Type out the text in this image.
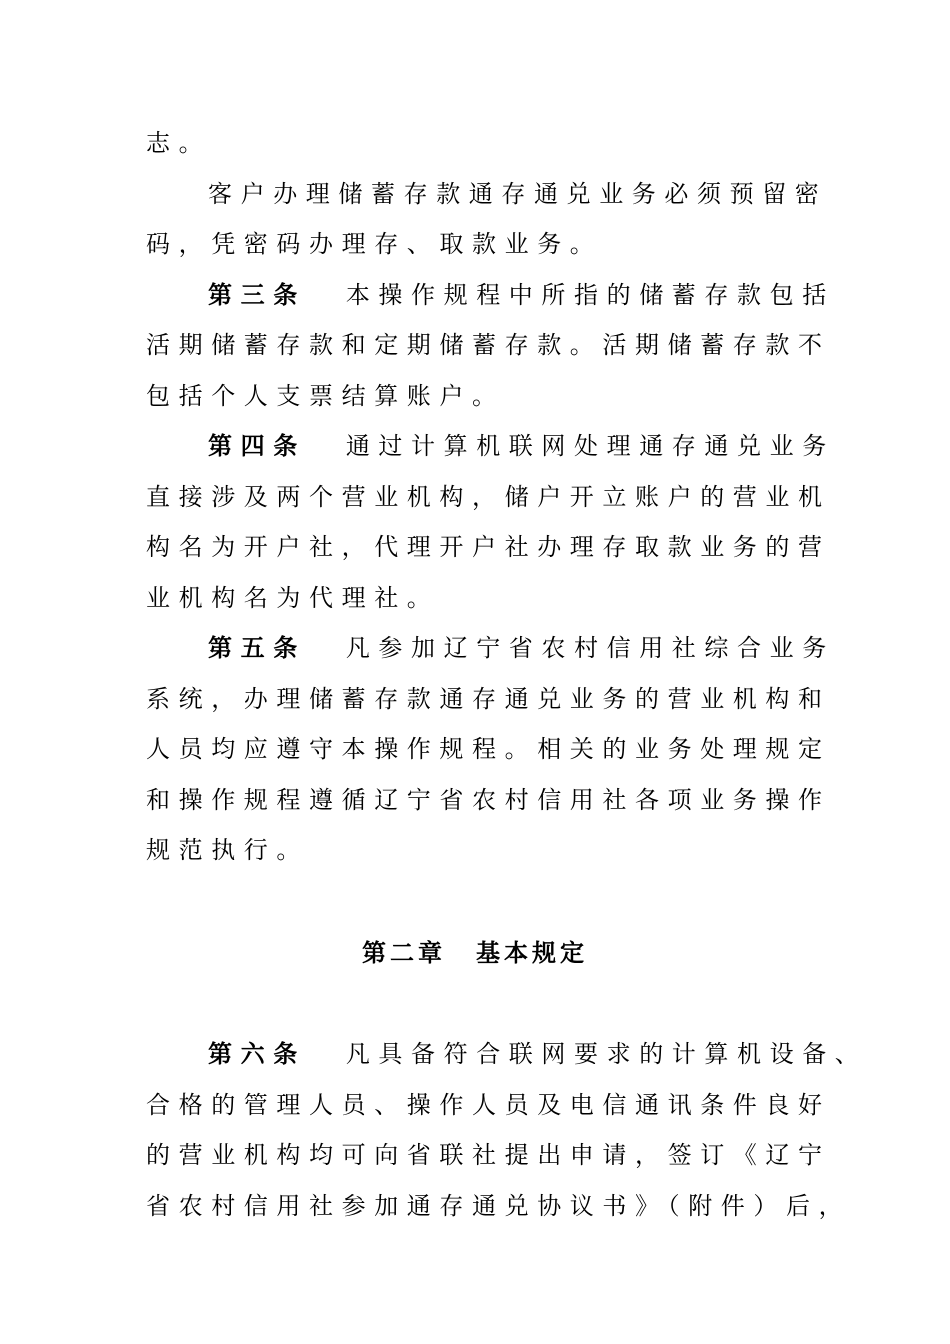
志。
客户办理储蓄存款通存通兑业务必须预留密
码，凭密码办理存、取款业务。
第三条 本操作规程中所指的储蓄存款包括
活期储蓄存款和定期储蓄存款。活期储蓄存款不
包括个人支票结算账户。
第四条 通过计算机联网处理通存通兑业务
直接涉及两个营业机构，储户开立账户的营业机
构名为开户社，代理开户社办理存取款业务的营
业机构名为代理社。
第五条 凡参加辽宁省农村信用社综合业务
系统，办理储蓄存款通存通兑业务的营业机构和
人员均应遵守本操作规程。相关的业务处理规定
和操作规程遵循辽宁省农村信用社各项业务操作
规范执行。
第二章 基本规定
第六条 凡具备符合联网要求的计算机设备、
合格的管理人员、操作人员及电信通讯条件良好
的营业机构均可向省联社提出申请，签订《辽宁
省农村信用社参加通存通兑协议书》（附件）后，
